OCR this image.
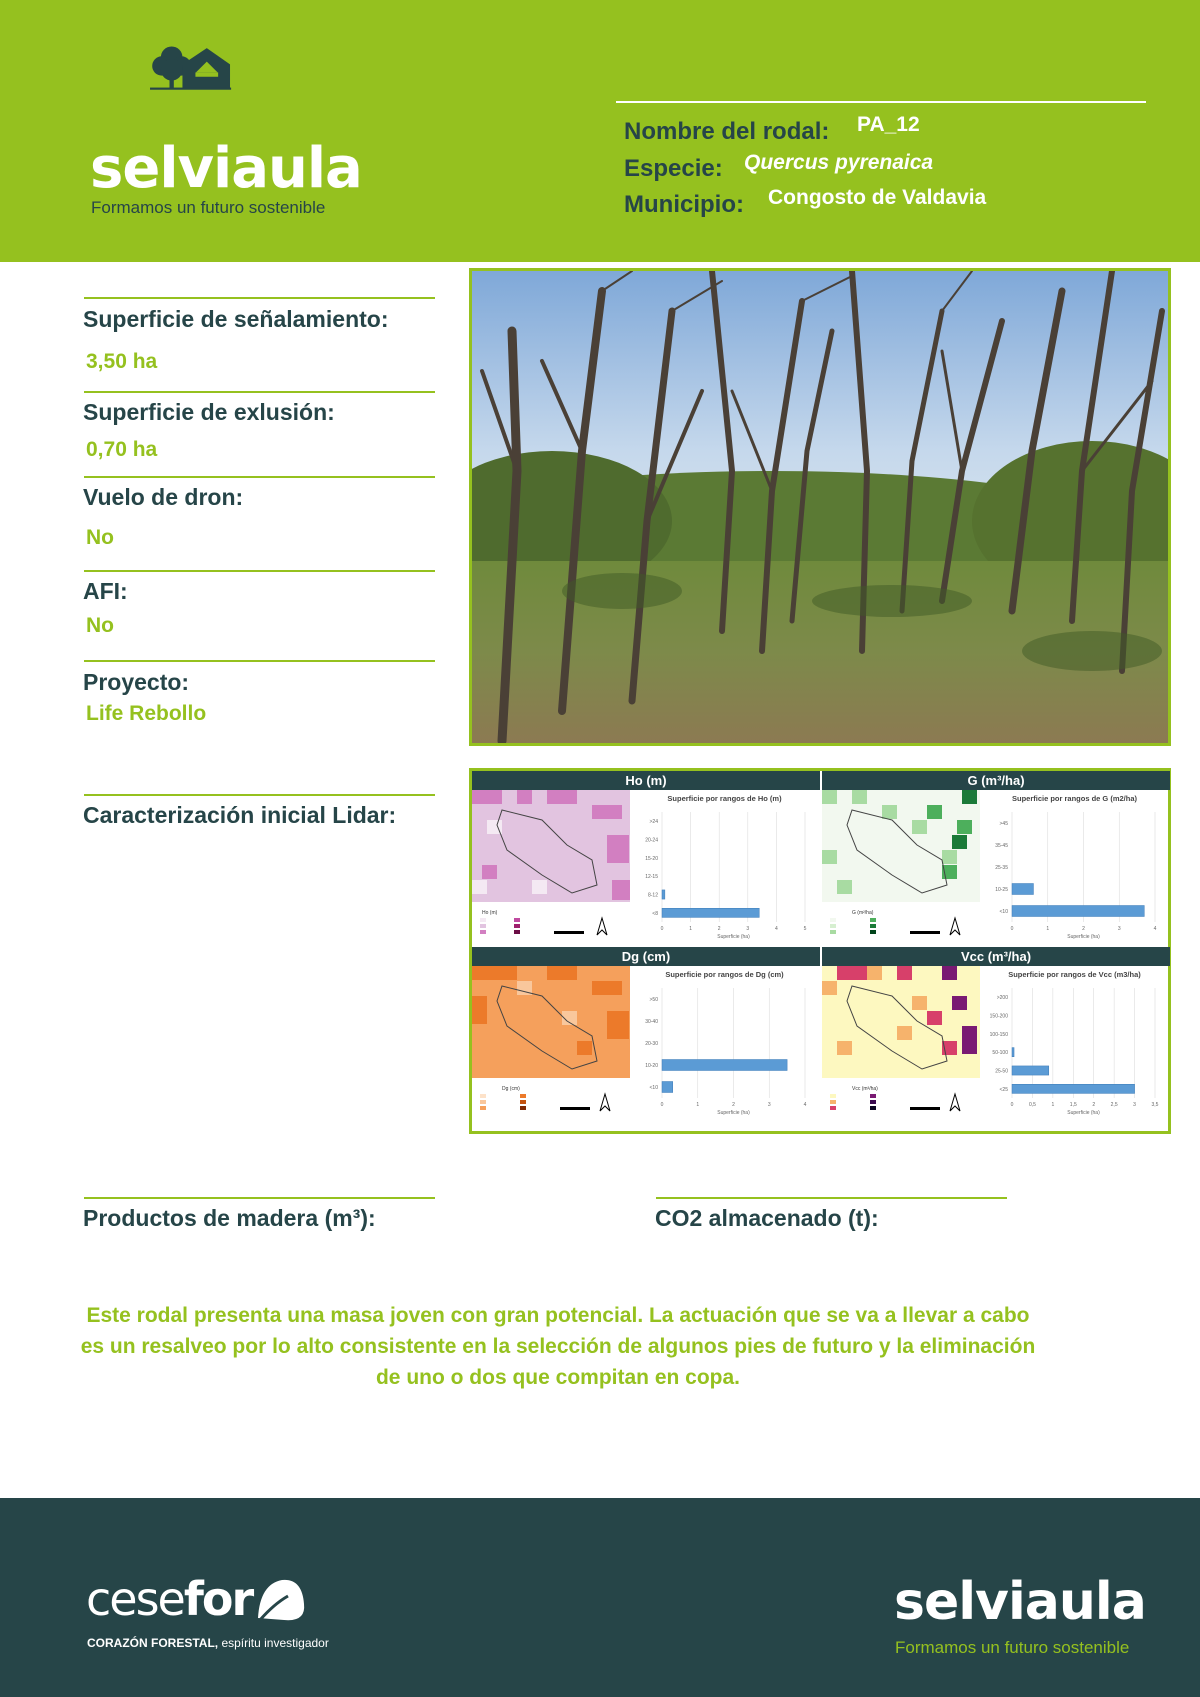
selviaula
Formamos un futuro sostenible
Nombre del rodal: PA_12
Especie: Quercus pyrenaica
Municipio: Congosto de Valdavia
Superficie de señalamiento:
3,50 ha
Superficie de exlusión:
0,70 ha
Vuelo de dron:
No
AFI:
No
Proyecto:
Life Rebollo
Caracterización inicial Lidar:
Ho (m)
Ho (m)
G (m³/ha)
G (m²/ha)
Dg (cm)
Dg (cm)
Vcc (m³/ha)
Vcc (m³/ha)
Superficie por rangos de Ho (m)
0	1	2	3	4	5
<8
8-12
12-15
15-20
20-24
>24
Superficie (ha)
Superficie por rangos de G (m2/ha)
0	1	2	3	4
<10
10-25
25-35
35-45
>45
Superficie (ha)
Superficie por rangos de Dg (cm)
0	1	2	3	4
<10
10-20
20-30
30-40
>50
Superficie (ha)
Superficie por rangos de Vcc (m3/ha)
0	0,5	1	1,5	2	2,5	3	3,5
<25
25-50
50-100
100-150
150-200
>200
Superficie (ha)
Productos de madera (m³):	CO2 almacenado (t):
Este rodal presenta una masa joven con gran potencial. La actuación que se va a llevar a cabo es un resalveo por lo alto consistente en la selección de algunos pies de futuro y la eliminación de uno o dos que compitan en copa.
cesefor
CORAZÓN FORESTAL, espíritu investigador
selviaula
Formamos un futuro sostenible
